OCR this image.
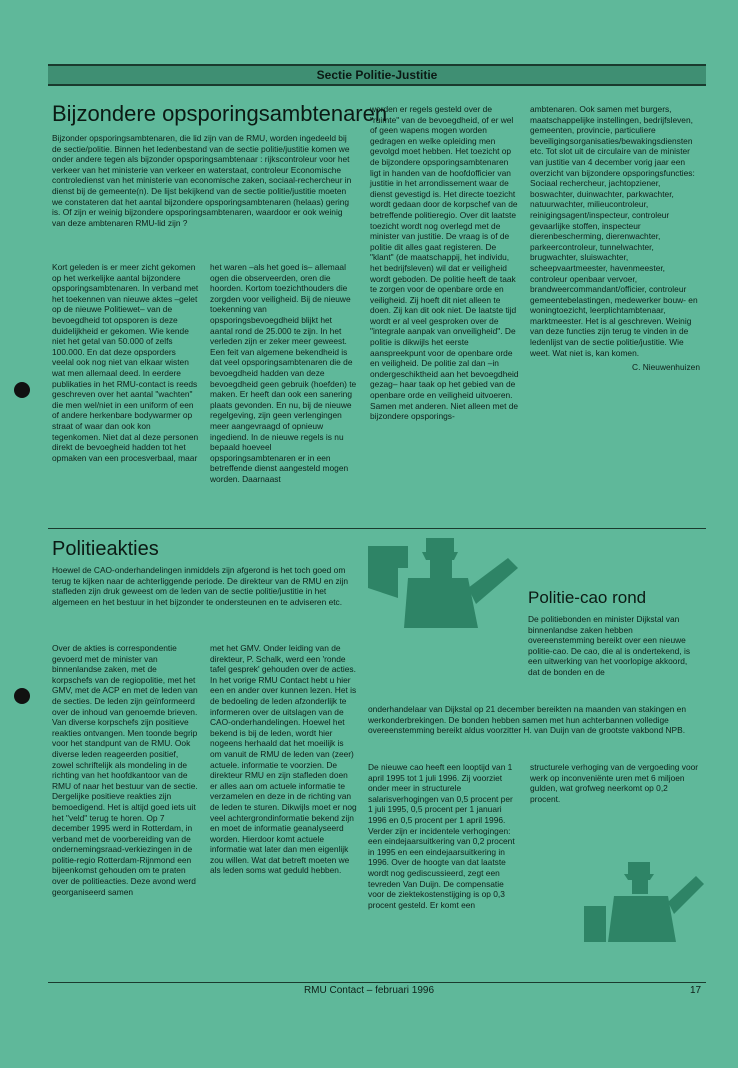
Sectie Politie-Justitie
Bijzondere opsporingsambtenaren
Bijzonder opsporingsambtenaren, die lid zijn van de RMU, worden ingedeeld bij de sectie/politie. Binnen het ledenbestand van de sectie politie/justitie komen we onder andere tegen als bijzonder opsporingsambtenaar : rijkscontroleur voor het verkeer van het ministerie van verkeer en waterstaat, controleur Economische controledienst van het ministerie van economische zaken, sociaal-rechercheur in dienst bij de gemeente(n). De lijst bekijkend van de sectie politie/justitie moeten we constateren dat het aantal bijzondere opsporingsambtenaren (helaas) gering is. Of zijn er weinig bijzondere opsporingsambtenaren, waardoor er ook weinig van deze ambtenaren RMU-lid zijn ?

Kort geleden is er meer zicht gekomen op het werkelijke aantal bijzondere opsporingsambtenaren. In verband met het toekennen van nieuwe aktes –gelet op de nieuwe Politiewet– van de bevoegdheid tot opsporen is deze duidelijkheid er gekomen. Wie kende niet het getal van 50.000 of zelfs 100.000. En dat deze opsporders veelal ook nog niet van elkaar wisten wat men allemaal deed. In eerdere publikaties in het RMU-contact is reeds geschreven over het aantal "wachten" die men wel/niet in een uniform of een of andere herkenbare bodywarmer op straat of waar dan ook kon tegenkomen. Niet dat al deze personen direkt de bevoegheid hadden tot het opmaken van een procesverbaal, maar

het waren –als het goed is– allemaal ogen die observeerden, oren die hoorden. Kortom toezichthouders die zorgden voor veiligheid. Bij de nieuwe toekenning van opsporingsbevoegdheid blijkt het aantal rond de 25.000 te zijn. In het verleden zijn er zeker meer geweest. Een feit van algemene bekendheid is dat veel opsporingsambtenaren die de bevoegdheid hadden van deze bevoegdheid geen gebruik (hoefden) te maken. Er heeft dan ook een sanering plaats gevonden. En nu, bij de nieuwe regelgeving, zijn geen verlengingen meer aangevraagd of opnieuw ingediend. In de nieuwe regels is nu bepaald hoeveel opsporingsambtenaren er in een betreffende dienst aangesteld mogen worden. Daarnaast

worden er regels gesteld over de "ruimte" van de bevoegdheid, of er wel of geen wapens mogen worden gedragen en welke opleiding men gevolgd moet hebben. Het toezicht op de bijzondere opsporingsambtenaren ligt in handen van de hoofdofficier van justitie in het arrondissement waar de dienst gevestigd is. Het directe toezicht wordt gedaan door de korpschef van de betreffende politieregio. Over dit laatste toezicht wordt nog overlegd met de minister van justitie. De vraag is of de politie dit alles gaat registeren. De "klant" (de maatschappij, het individu, het bedrijfsleven) wil dat er veiligheid wordt geboden. De politie heeft de taak te zorgen voor de openbare orde en veiligheid. Zij hoeft dit niet alleen te doen. Zij kan dit ook niet. De laatste tijd wordt er al veel gesproken over de "integrale aanpak van onveiligheid". De politie is dikwijls het eerste aanspreekpunt voor de openbare orde en veiligheid. De politie zal dan –in ondergeschiktheid aan het bevoegdheid gezag– haar taak op het gebied van de openbare orde en veiligheid uitvoeren. Samen met anderen. Niet alleen met de bijzondere opsporings-

ambtenaren. Ook samen met burgers, maatschappelijke instellingen, bedrijfsleven, gemeenten, provincie, particuliere beveiligingsorganisaties/bewakingsdiensten etc. Tot slot uit de circulaire van de minister van justitie van 4 december vorig jaar een overzicht van bijzondere opsporingsfuncties: Sociaal rechercheur, jachtopziener, boswachter, duinwachter, parkwachter, natuurwachter, milieucontroleur, reinigingsagent/inspecteur, controleur gevaarlijke stoffen, inspecteur dierenbescherming, dierenwachter, parkeercontroleur, tunnelwachter, brugwachter, sluiswachter, scheepvaartmeester, havenmeester, controleur openbaar vervoer, brandweercommandant/officier, controleur gemeentebelastingen, medewerker bouw- en woningtoezicht, leerplichtambtenaar, marktmeester. Het is al geschreven. Weinig van deze functies zijn terug te vinden in de ledenlijst van de sectie politie/justitie. Wie weet. Wat niet is, kan komen.

C. Nieuwenhuizen

Politieakties
Hoewel de CAO-onderhandelingen inmiddels zijn afgerond is het toch goed om terug te kijken naar de achterliggende periode. De direkteur van de RMU en zijn stafleden zijn druk geweest om de leden van de sectie politie/justitie in het algemeen en het bestuur in het bijzonder te ondersteunen en te adviseren etc.

Over de akties is correspondentie gevoerd met de minister van binnenlandse zaken, met de korpschefs van de regiopolitie, met het GMV, met de ACP en met de leden van de secties. De leden zijn geïnformeerd over de inhoud van genoemde brieven. Van diverse korpschefs zijn positieve reakties ontvangen. Men toonde begrip voor het standpunt van de RMU. Ook diverse leden reageerden positief, zowel schriftelijk als mondeling in de richting van het hoofdkantoor van de RMU of naar het bestuur van de sectie. Dergelijke positieve reakties zijn bemoedigend. Het is altijd goed iets uit het "veld" terug te horen. Op 7 december 1995 werd in Rotterdam, in verband met de voorbereiding van de ondernemingsraad-verkiezingen in de politie-regio Rotterdam-Rijnmond een bijeenkomst gehouden om te praten over de politieacties. Deze avond werd georganiseerd samen

met het GMV. Onder leiding van de direkteur, P. Schalk, werd een 'ronde tafel gesprek' gehouden over de acties. In het vorige RMU Contact hebt u hier een en ander over kunnen lezen. Het is de bedoeling de leden afzonderlijk te informeren over de uitslagen van de CAO-onderhandelingen. Hoewel het bekend is bij de leden, wordt hier nogeens herhaald dat het moeilijk is om vanuit de RMU de leden van (zeer) actuele. informatie te voorzien. De direkteur RMU en zijn stafleden doen er alles aan om actuele informatie te verzamelen en deze in de richting van de leden te sturen. Dikwijls moet er nog veel achtergrondinformatie bekend zijn en moet de informatie geanalyseerd worden. Hierdoor komt actuele informatie wat later dan men eigenlijk zou willen. Wat dat betreft moeten we als leden soms wat geduld hebben.

Politie-cao rond

De politiebonden en minister Dijkstal van binnenlandse zaken hebben overeenstemming bereikt over een nieuwe politie-cao. De cao, die al is ondertekend, is een uitwerking van het voorlopige akkoord, dat de bonden en de

onderhandelaar van Dijkstal op 21 december bereikten na maanden van stakingen en werkonderbrekingen. De bonden hebben samen met hun achterbannen volledige overeenstemming bereikt aldus voorzitter H. van Duijn van de grootste vakbond NPB.

De nieuwe cao heeft een looptijd van 1 april 1995 tot 1 juli 1996. Zij voorziet onder meer in structurele salarisverhogingen van 0,5 procent per 1 juli 1995, 0,5 procent per 1 januari 1996 en 0,5 procent per 1 april 1996. Verder zijn er incidentele verhogingen: een eindejaarsuitkering van 0,2 procent in 1995 en een eindejaarsuitkering in 1996. Over de hoogte van dat laatste wordt nog gediscussieerd, zegt een tevreden Van Duijn. De compensatie voor de ziektekostenstijging is op 0,3 procent gesteld. Er komt een

structurele verhoging van de vergoeding voor werk op inconveniënte uren met 6 miljoen gulden, wat grofweg neerkomt op 0,2 procent.

RMU Contact – februari 1996	17
